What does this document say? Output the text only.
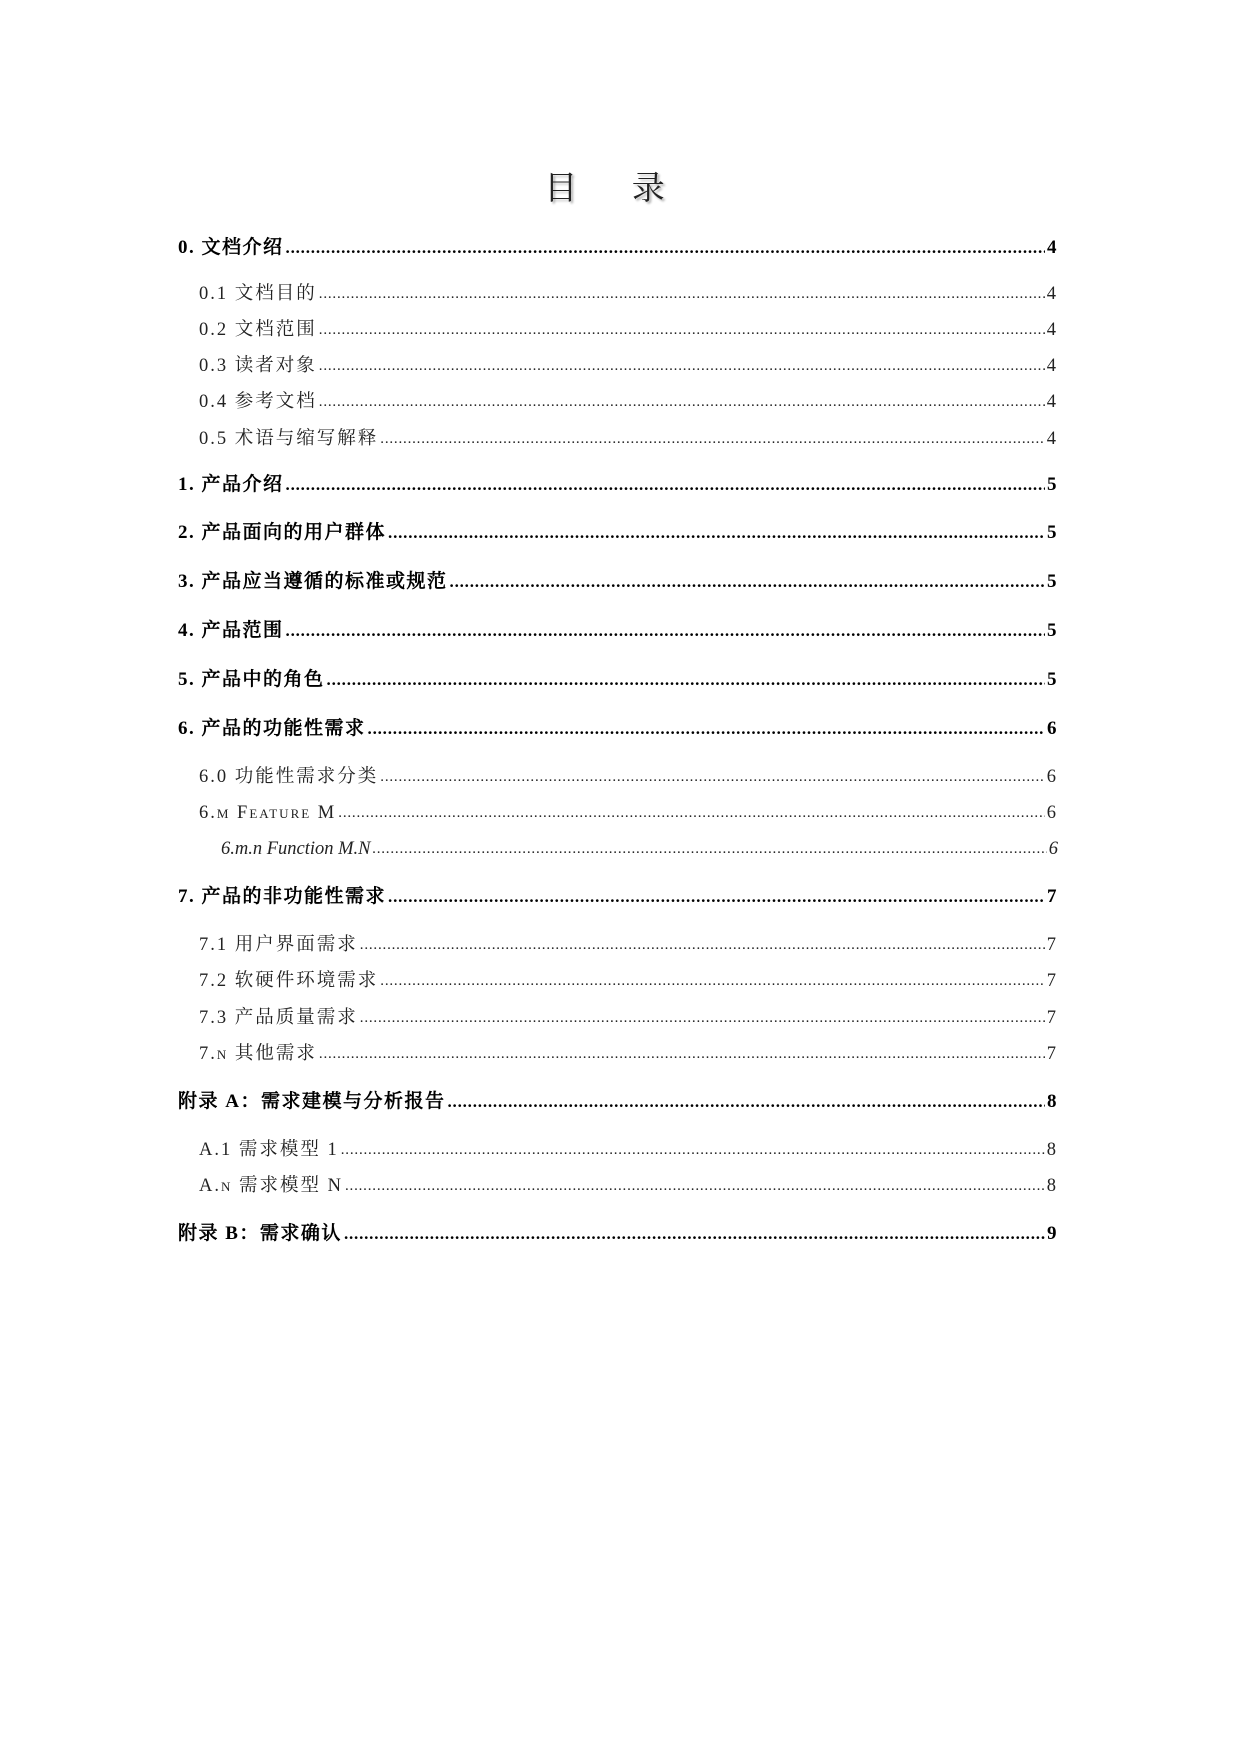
目 录
0. 文档介绍 .....	4
0.1 文档目的 .....	4
0.2 文档范围 .....	4
0.3 读者对象 .....	4
0.4 参考文档 .....	4
0.5 术语与缩写解释 .....	4
1. 产品介绍 .....	5
2. 产品面向的用户群体 .....	5
3. 产品应当遵循的标准或规范 .....	5
4. 产品范围 .....	5
5. 产品中的角色 .....	5
6. 产品的功能性需求 .....	6
6.0 功能性需求分类 .....	6
6.m Feature M .....	6
6.m.n Function M.N .....	6
7. 产品的非功能性需求 .....	7
7.1 用户界面需求 .....	7
7.2 软硬件环境需求 .....	7
7.3 产品质量需求 .....	7
7.n 其他需求 .....	7
附录 A：需求建模与分析报告 .....	8
A.1 需求模型 1 .....	8
A.n 需求模型 N .....	8
附录 B：需求确认 .....	9
